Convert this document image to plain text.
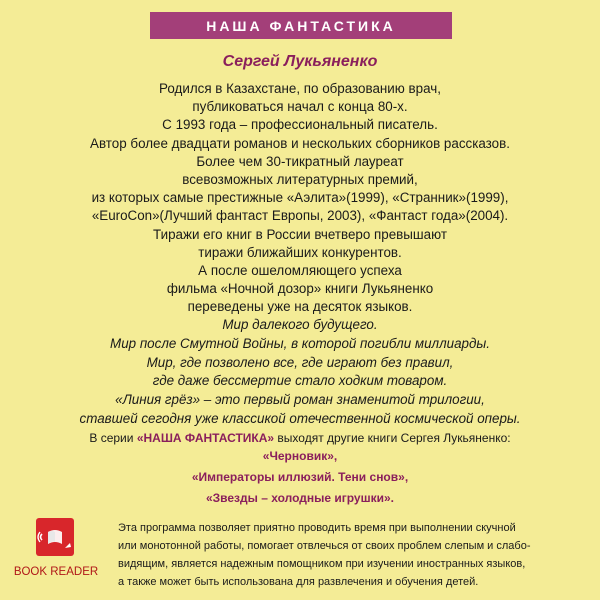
НАША ФАНТАСТИКА
Сергей Лукьяненко
Родился в Казахстане, по образованию врач,
публиковаться начал с конца 80-х.
С 1993 года – профессиональный писатель.
Автор более двадцати романов и нескольких сборников рассказов.
Более чем 30-тикратный лауреат
всевозможных литературных премий,
из которых самые престижные «Аэлита»(1999), «Странник»(1999),
«EuroCon»(Лучший фантаст Европы, 2003), «Фантаст года»(2004).
Тиражи его книг в России вчетверо превышают
тиражи ближайших конкурентов.
А после ошеломляющего успеха
фильма «Ночной дозор» книги Лукьяненко
переведены уже на десяток языков.
Мир далекого будущего.
Мир после Смутной Войны, в которой погибли миллиарды.
Мир, где позволено все, где играют без правил,
где даже бессмертие стало ходким товаром.
«Линия грёз» – это первый роман знаменитой трилогии,
ставшей сегодня уже классикой отечественной космической оперы.
В серии «НАША ФАНТАСТИКА» выходят другие книги Сергея Лукьяненко:
«Черновик»,
«Императоры иллюзий. Тени снов»,
«Звезды – холодные игрушки».
BOOK READER
Эта программа позволяет приятно проводить время при выполнении скучной
или монотонной работы, помогает отвлечься от своих проблем слепым и слабо-
видящим, является надежным помощником при изучении иностранных языков,
а также может быть использована для развлечения и обучения детей.
